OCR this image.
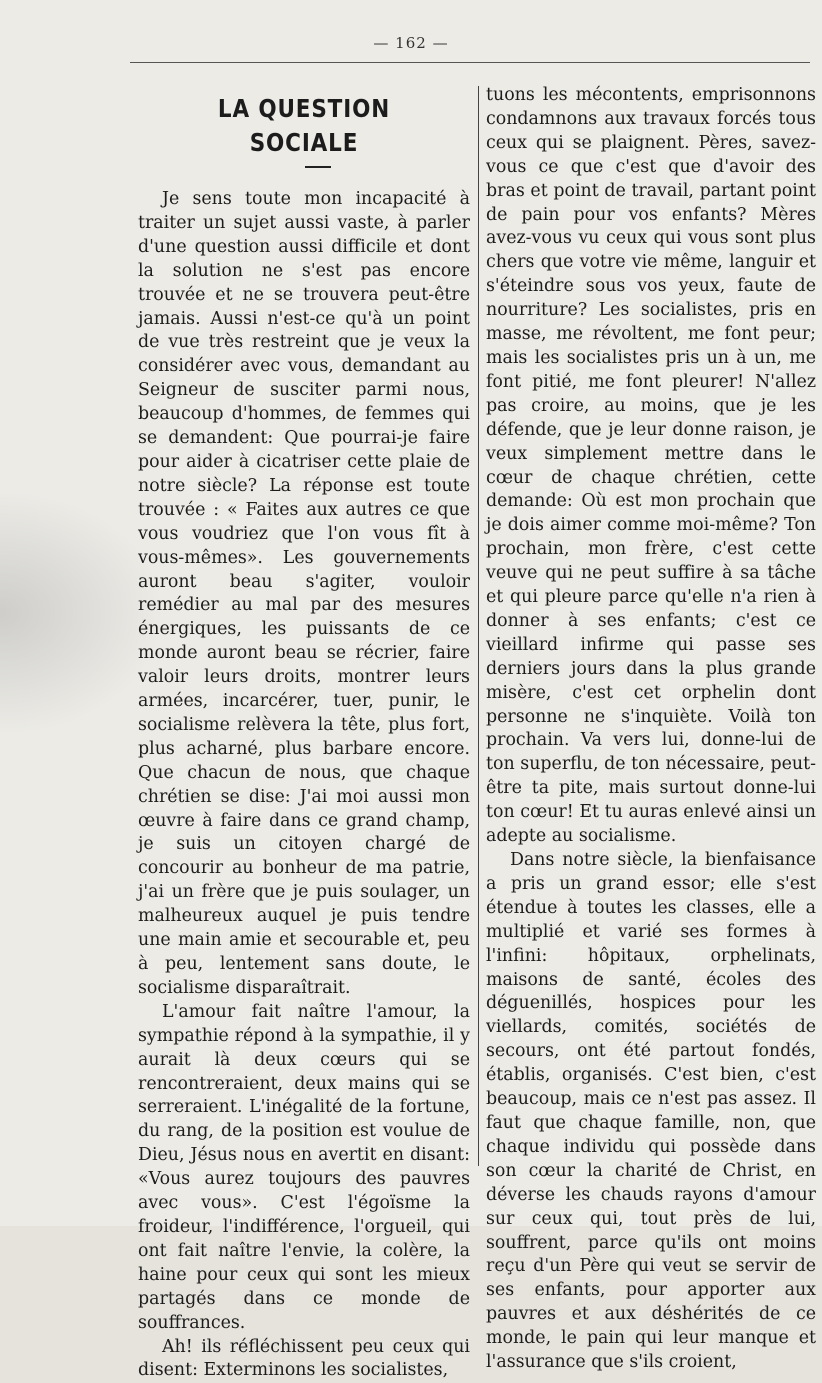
— 162 —
LA QUESTION SOCIALE

Je sens toute mon incapacité à traiter un sujet aussi vaste, à parler d'une question aussi difficile et dont la solution ne s'est pas encore trouvée et ne se trouvera peut-être jamais. Aussi n'est-ce qu'à un point de vue très restreint que je veux la considérer avec vous, demandant au Seigneur de susciter parmi nous, beaucoup d'hommes, de femmes qui se demandent: Que pourrai-je faire pour aider à cicatriser cette plaie de notre siècle? La réponse est toute trouvée : « Faites aux autres ce que vous voudriez que l'on vous fît à vous-mêmes». Les gouvernements auront beau s'agiter, vouloir remédier au mal par des mesures énergiques, les puissants de ce monde auront beau se récrier, faire valoir leurs droits, montrer leurs armées, incarcérer, tuer, punir, le socialisme relèvera la tête, plus fort, plus acharné, plus barbare encore. Que chacun de nous, que chaque chrétien se dise: J'ai moi aussi mon œuvre à faire dans ce grand champ, je suis un citoyen chargé de concourir au bonheur de ma patrie, j'ai un frère que je puis soulager, un malheureux auquel je puis tendre une main amie et secourable et, peu à peu, lentement sans doute, le socialisme disparaîtrait.

L'amour fait naître l'amour, la sympathie répond à la sympathie, il y aurait là deux cœurs qui se rencontreraient, deux mains qui se serreraient. L'inégalité de la fortune, du rang, de la position est voulue de Dieu, Jésus nous en avertit en disant: «Vous aurez toujours des pauvres avec vous». C'est l'égoïsme la froideur, l'indifférence, l'orgueil, qui ont fait naître l'envie, la colère, la haine pour ceux qui sont les mieux partagés dans ce monde de souffrances.

Ah! ils réfléchissent peu ceux qui disent: Exterminons les socialistes,

tuons les mécontents, emprisonnons condamnons aux travaux forcés tous ceux qui se plaignent. Pères, savez-vous ce que c'est que d'avoir des bras et point de travail, partant point de pain pour vos enfants? Mères avez-vous vu ceux qui vous sont plus chers que votre vie même, languir et s'éteindre sous vos yeux, faute de nourriture? Les socialistes, pris en masse, me révoltent, me font peur; mais les socialistes pris un à un, me font pitié, me font pleurer! N'allez pas croire, au moins, que je les défende, que je leur donne raison, je veux simplement mettre dans le cœur de chaque chrétien, cette demande: Où est mon prochain que je dois aimer comme moi-même? Ton prochain, mon frère, c'est cette veuve qui ne peut suffire à sa tâche et qui pleure parce qu'elle n'a rien à donner à ses enfants; c'est ce vieillard infirme qui passe ses derniers jours dans la plus grande misère, c'est cet orphelin dont personne ne s'inquiète. Voilà ton prochain. Va vers lui, donne-lui de ton superflu, de ton nécessaire, peut-être ta pite, mais surtout donne-lui ton cœur! Et tu auras enlevé ainsi un adepte au socialisme.

Dans notre siècle, la bienfaisance a pris un grand essor; elle s'est étendue à toutes les classes, elle a multiplié et varié ses formes à l'infini: hôpitaux, orphelinats, maisons de santé, écoles des déguenillés, hospices pour les viellards, comités, sociétés de secours, ont été partout fondés, établis, organisés. C'est bien, c'est beaucoup, mais ce n'est pas assez. Il faut que chaque famille, non, que chaque individu qui possède dans son cœur la charité de Christ, en déverse les chauds rayons d'amour sur ceux qui, tout près de lui, souffrent, parce qu'ils ont moins reçu d'un Père qui veut se servir de ses enfants, pour apporter aux pauvres et aux déshérités de ce monde, le pain qui leur manque et l'assurance que s'ils croient,
